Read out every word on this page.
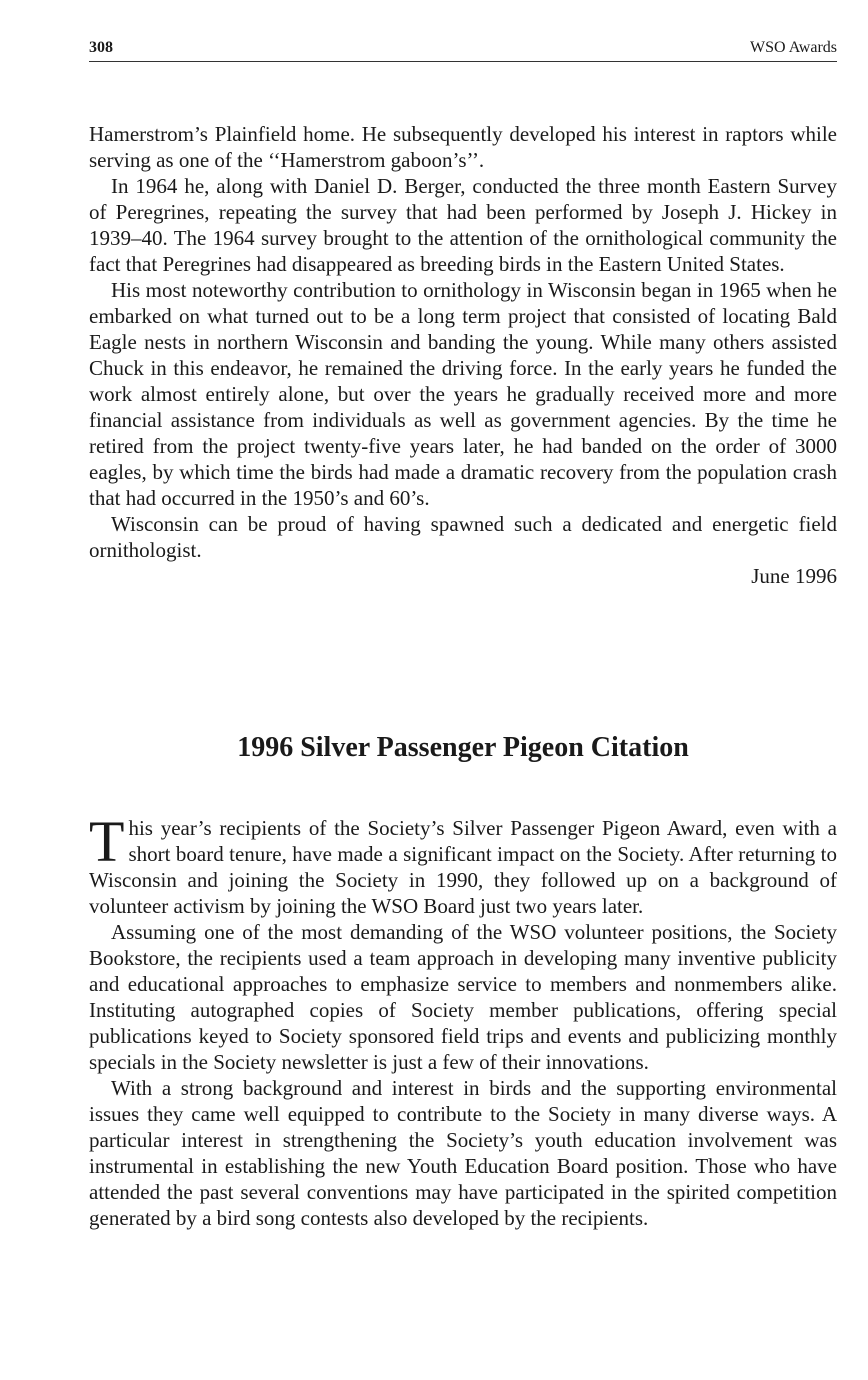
308	WSO Awards

Hamerstrom’s Plainfield home. He subsequently developed his interest in raptors while serving as one of the ‘‘Hamerstrom gaboon’s’’.

In 1964 he, along with Daniel D. Berger, conducted the three month Eastern Survey of Peregrines, repeating the survey that had been performed by Joseph J. Hickey in 1939–40. The 1964 survey brought to the attention of the ornithological community the fact that Peregrines had disappeared as breeding birds in the Eastern United States.

His most noteworthy contribution to ornithology in Wisconsin began in 1965 when he embarked on what turned out to be a long term project that consisted of locating Bald Eagle nests in northern Wisconsin and banding the young. While many others assisted Chuck in this endeavor, he remained the driving force. In the early years he funded the work almost entirely alone, but over the years he gradually received more and more financial assistance from individuals as well as government agencies. By the time he retired from the project twenty-five years later, he had banded on the order of 3000 eagles, by which time the birds had made a dramatic recovery from the population crash that had occurred in the 1950’s and 60’s.

Wisconsin can be proud of having spawned such a dedicated and energetic field ornithologist.

June 1996

1996 Silver Passenger Pigeon Citation

This year’s recipients of the Society’s Silver Passenger Pigeon Award, even with a short board tenure, have made a significant impact on the Society. After returning to Wisconsin and joining the Society in 1990, they followed up on a background of volunteer activism by joining the WSO Board just two years later.

Assuming one of the most demanding of the WSO volunteer positions, the Society Bookstore, the recipients used a team approach in developing many inventive publicity and educational approaches to emphasize service to members and nonmembers alike. Instituting autographed copies of Society member publications, offering special publications keyed to Society sponsored field trips and events and publicizing monthly specials in the Society newsletter is just a few of their innovations.

With a strong background and interest in birds and the supporting environmental issues they came well equipped to contribute to the Society in many diverse ways. A particular interest in strengthening the Society’s youth education involvement was instrumental in establishing the new Youth Education Board position. Those who have attended the past several conventions may have participated in the spirited competition generated by a bird song contests also developed by the recipients.
